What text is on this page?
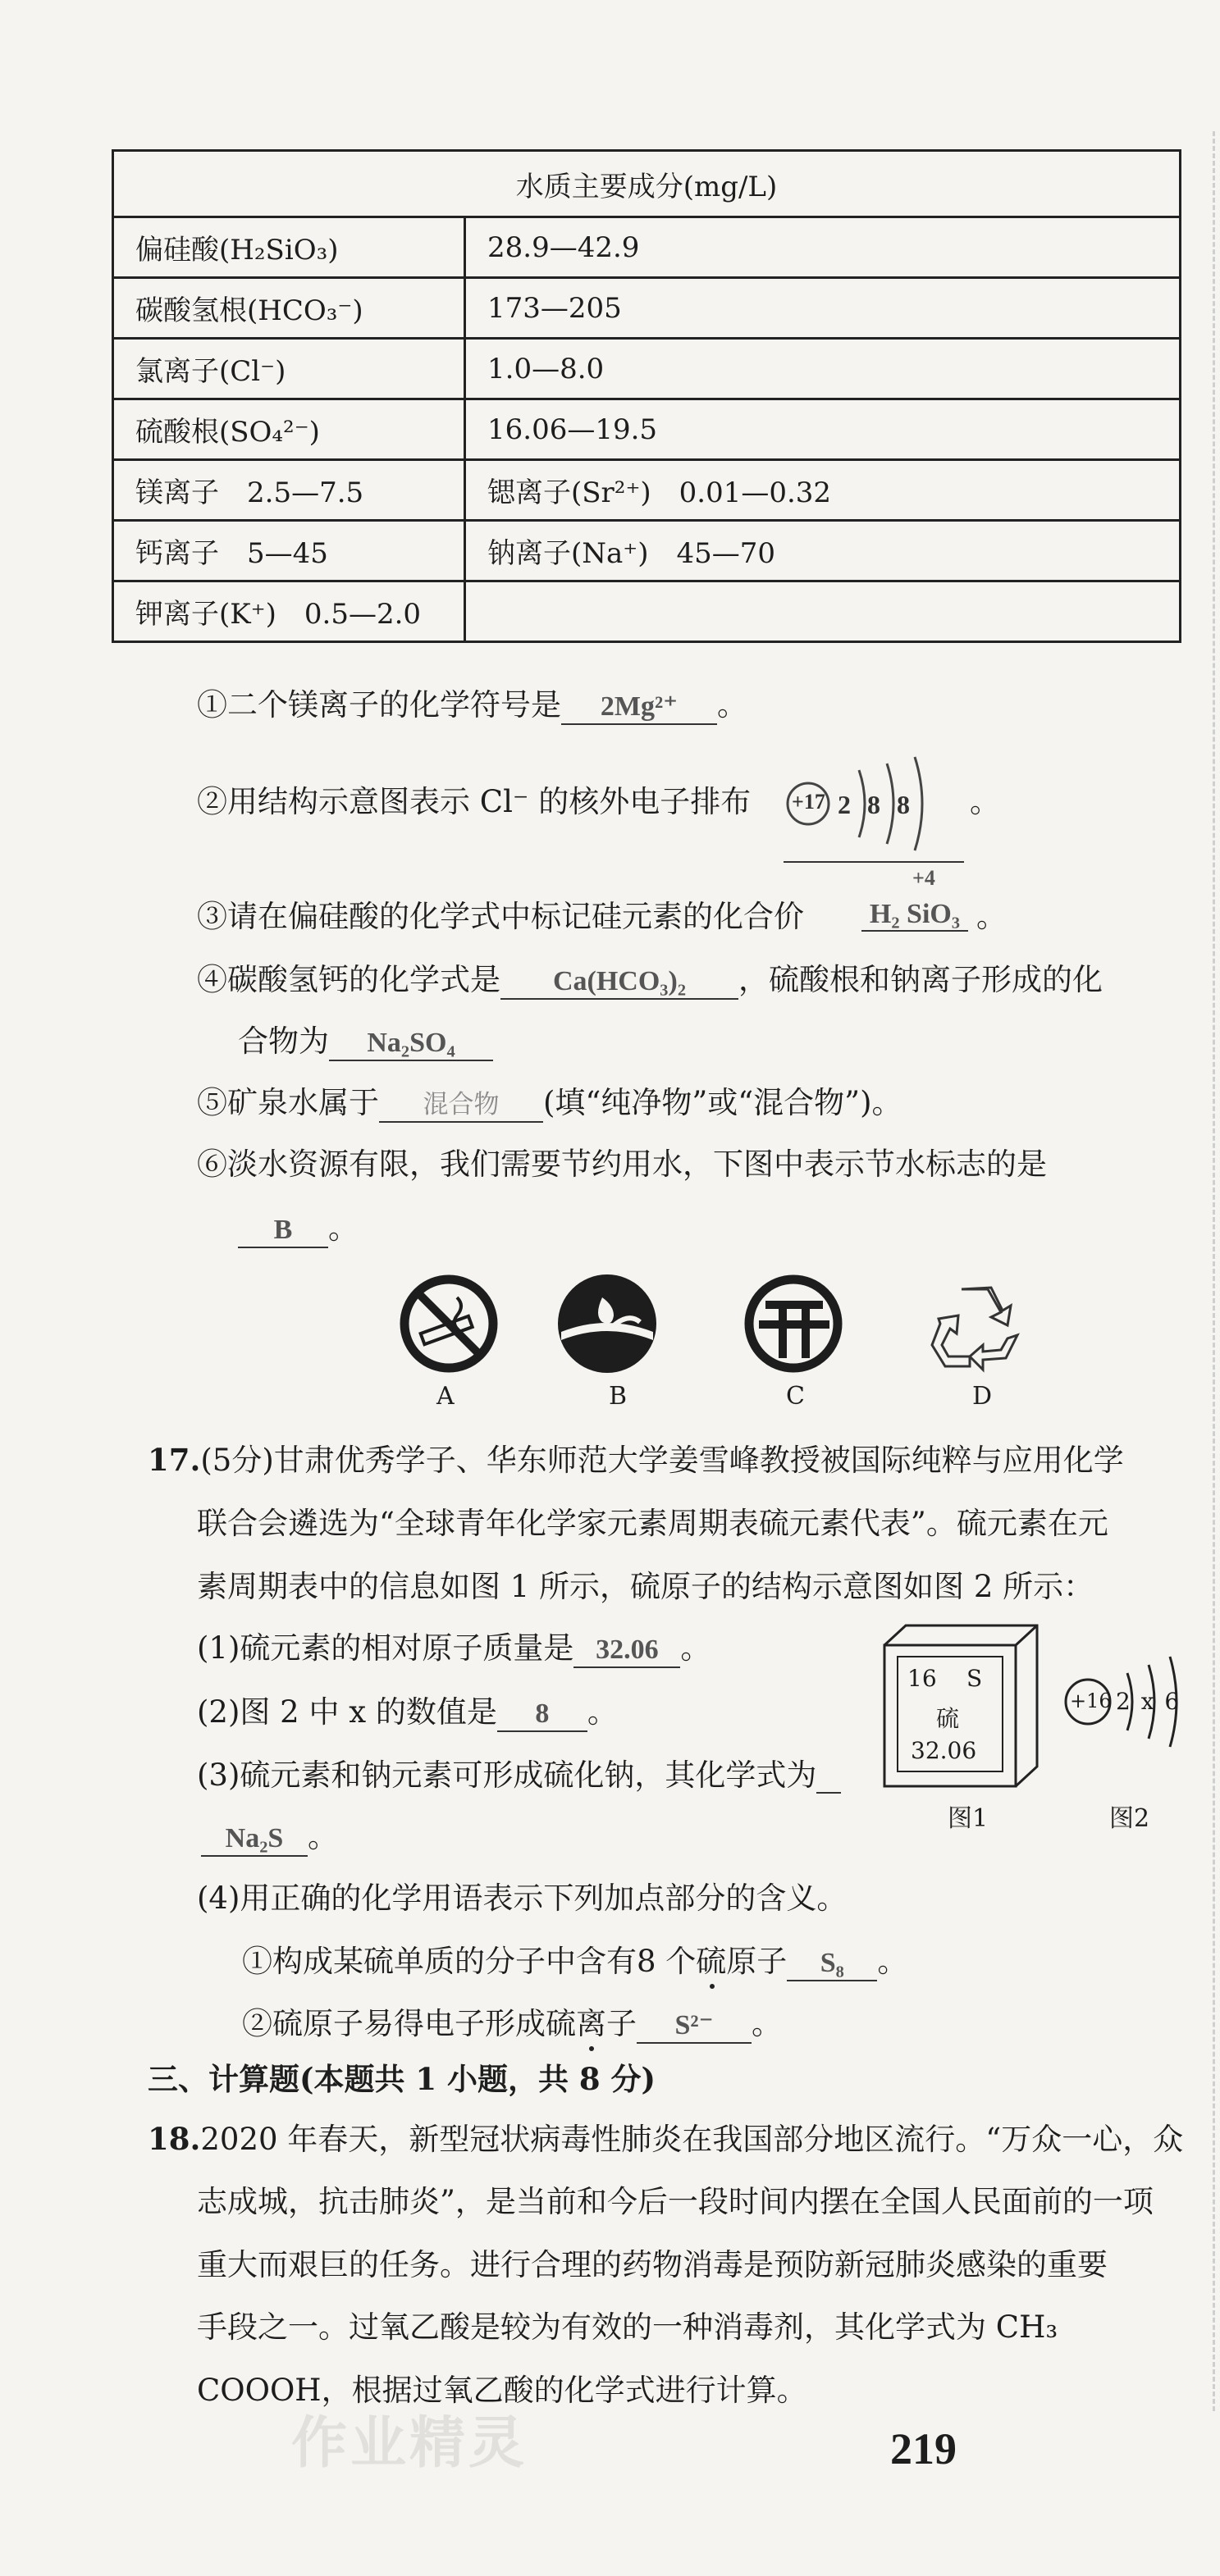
水质主要成分(mg/L)	
偏硅酸(H₂SiO₃)	28.9—42.9
碳酸氢根(HCO₃⁻)	173—205
氯离子(Cl⁻)	1.0—8.0
硫酸根(SO₄²⁻)	16.06—19.5
镁离子　2.5—7.5	锶离子(Sr²⁺)　0.01—0.32
钙离子　5—45	钠离子(Na⁺)　45—70
钾离子(K⁺)　0.5—2.0	
①二个镁离子的化学符号是 2Mg²⁺ 。
②用结构示意图表示 Cl⁻ 的核外电子排布 +17 2 8 8 。
③请在偏硅酸的化学式中标记硅元素的化合价
+4
H₂ SiO₃ 。
④碳酸氢钙的化学式是 Ca(HCO₃)₂ ，硫酸根和钠离子形成的化
合物为 Na₂SO₄
⑤矿泉水属于 混合物 (填“纯净物”或“混合物”)。
⑥淡水资源有限，我们需要节约用水，下图中表示节水标志的是
B 。
A	B	C	D
17.(5分)甘肃优秀学子、华东师范大学姜雪峰教授被国际纯粹与应用化学
联合会遴选为“全球青年化学家元素周期表硫元素代表”。硫元素在元
素周期表中的信息如图 1 所示，硫原子的结构示意图如图 2 所示：
(1)硫元素的相对原子质量是 32.06 。
(2)图 2 中 x 的数值是 8 。
(3)硫元素和钠元素可形成硫化钠，其化学式为
Na₂S 。
16 S
硫
32.06
图1
+16 2 x 6
图2
(4)用正确的化学用语表示下列加点部分的含义。
①构成某硫单质的分子中含有8 个硫原子 S₈ 。
②硫原子易得电子形成硫离子 S²⁻ 。
三、计算题(本题共 1 小题，共 8 分)
18.2020 年春天，新型冠状病毒性肺炎在我国部分地区流行。“万众一心，众
志成城，抗击肺炎”，是当前和今后一段时间内摆在全国人民面前的一项
重大而艰巨的任务。进行合理的药物消毒是预防新冠肺炎感染的重要
手段之一。过氧乙酸是较为有效的一种消毒剂，其化学式为 CH₃
COOOH，根据过氧乙酸的化学式进行计算。
作业精灵	219
